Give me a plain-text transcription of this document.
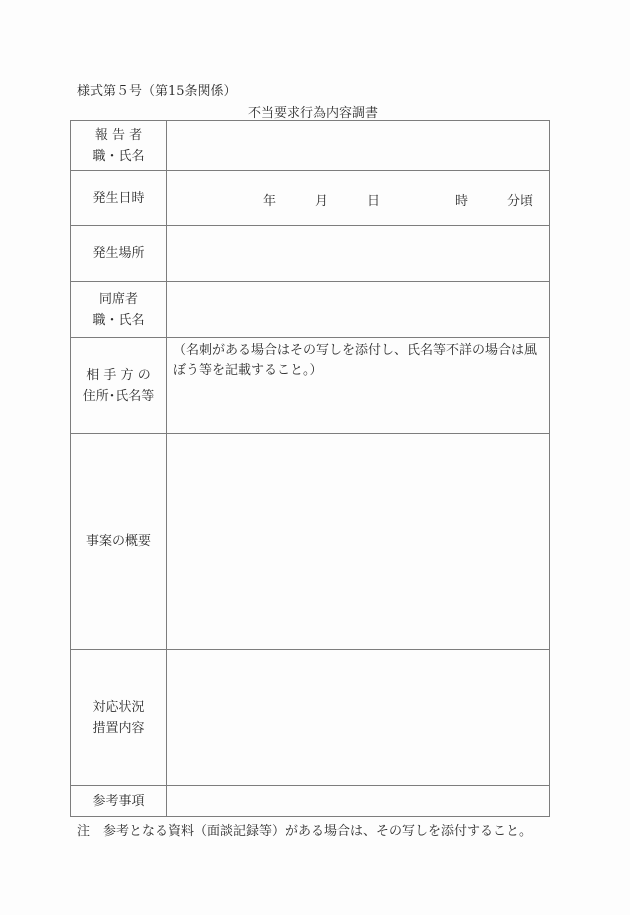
様式第５号（第15条関係）
不当要求行為内容調書
報 告 者
職・氏名	

発生日時	年 月 日 時 分頃

発生場所	

同席者
職・氏名	

相 手 方 の
住所･氏名等	（名刺がある場合はその写しを添付し、氏名等不詳の場合は風ぼう等を記載すること。）

事案の概要	

対応状況
措置内容	

参考事項	
注　参考となる資料（面談記録等）がある場合は、その写しを添付すること。
